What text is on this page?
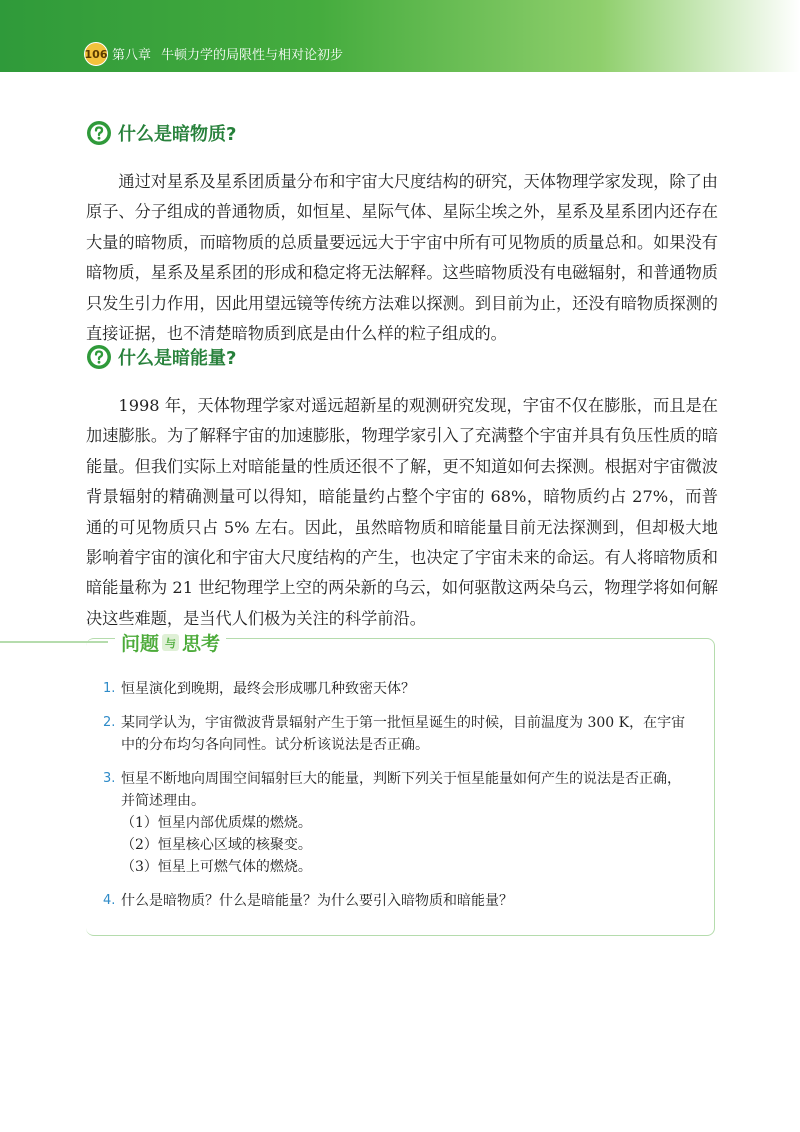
106 第八章 牛顿力学的局限性与相对论初步
什么是暗物质?

通过对星系及星系团质量分布和宇宙大尺度结构的研究，天体物理学家发现，除了由原子、分子组成的普通物质，如恒星、星际气体、星际尘埃之外，星系及星系团内还存在大量的暗物质，而暗物质的总质量要远远大于宇宙中所有可见物质的质量总和。如果没有暗物质，星系及星系团的形成和稳定将无法解释。这些暗物质没有电磁辐射，和普通物质只发生引力作用，因此用望远镜等传统方法难以探测。到目前为止，还没有暗物质探测的直接证据，也不清楚暗物质到底是由什么样的粒子组成的。

什么是暗能量?

1998 年，天体物理学家对遥远超新星的观测研究发现，宇宙不仅在膨胀，而且是在加速膨胀。为了解释宇宙的加速膨胀，物理学家引入了充满整个宇宙并具有负压性质的暗能量。但我们实际上对暗能量的性质还很不了解，更不知道如何去探测。根据对宇宙微波背景辐射的精确测量可以得知，暗能量约占整个宇宙的 68%，暗物质约占 27%，而普通的可见物质只占 5% 左右。因此，虽然暗物质和暗能量目前无法探测到，但却极大地影响着宇宙的演化和宇宙大尺度结构的产生，也决定了宇宙未来的命运。有人将暗物质和暗能量称为 21 世纪物理学上空的两朵新的乌云，如何驱散这两朵乌云，物理学将如何解决这些难题，是当代人们极为关注的科学前沿。

问题 与 思考
1. 恒星演化到晚期，最终会形成哪几种致密天体？
2. 某同学认为，宇宙微波背景辐射产生于第一批恒星诞生的时候，目前温度为 300 K，在宇宙中的分布均匀各向同性。试分析该说法是否正确。
3. 恒星不断地向周围空间辐射巨大的能量，判断下列关于恒星能量如何产生的说法是否正确，并简述理由。
（1）恒星内部优质煤的燃烧。
（2）恒星核心区域的核聚变。
（3）恒星上可燃气体的燃烧。
4. 什么是暗物质？什么是暗能量？为什么要引入暗物质和暗能量？
